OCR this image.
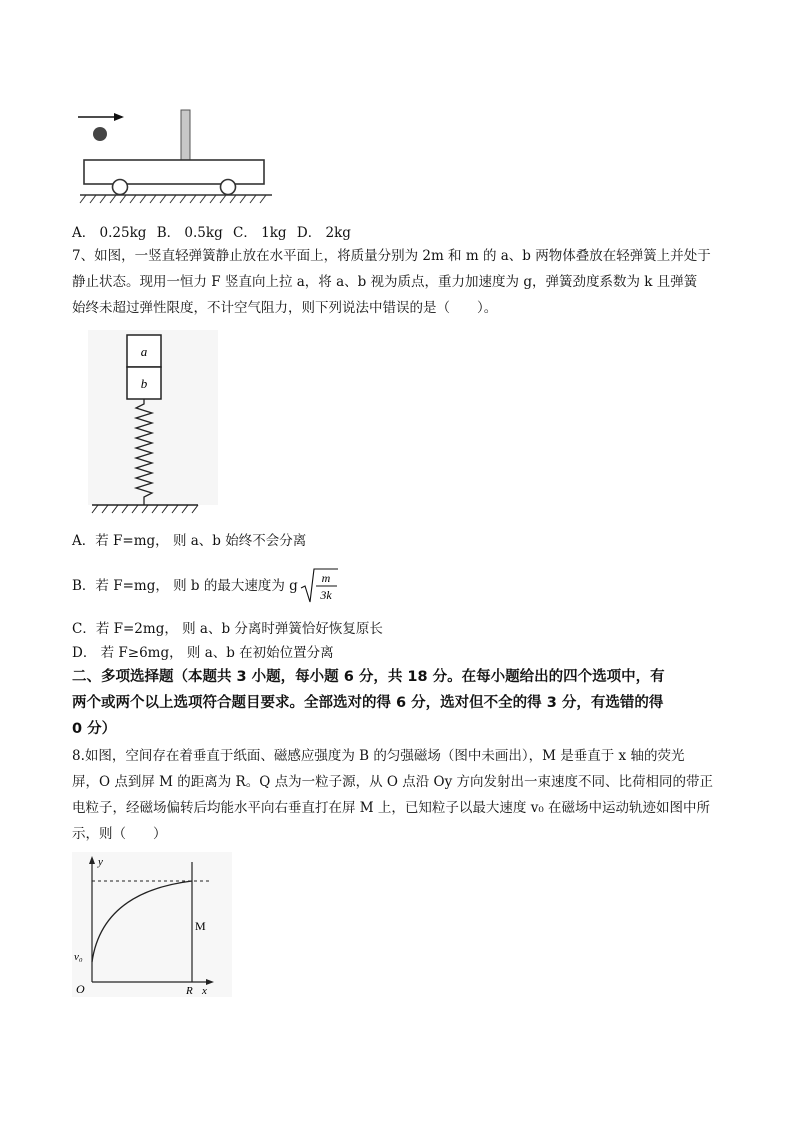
A． 0.25kg B． 0.5kg C． 1kg D． 2kg
7、如图，一竖直轻弹簧静止放在水平面上，将质量分别为 2m 和 m 的 a、b 两物体叠放在轻弹簧上并处于
静止状态。现用一恒力 F 竖直向上拉 a，将 a、b 视为质点，重力加速度为 g，弹簧劲度系数为 k 且弹簧
始终未超过弹性限度，不计空气阻力，则下列说法中错误的是（　　）。
a
b
A．若 F=mg， 则 a、b 始终不会分离
B．若 F=mg， 则 b 的最大速度为 g m
3k
C．若 F=2mg， 则 a、b 分离时弹簧恰好恢复原长
D． 若 F≥6mg， 则 a、b 在初始位置分离
二、多项选择题（本题共 3 小题，每小题 6 分，共 18 分。在每小题给出的四个选项中，有
两个或两个以上选项符合题目要求。全部选对的得 6 分，选对但不全的得 3 分，有选错的得
0 分）
8.如图，空间存在着垂直于纸面、磁感应强度为 B 的匀强磁场（图中未画出），M 是垂直于 x 轴的荧光
屏，O 点到屏 M 的距离为 R。Q 点为一粒子源，从 O 点沿 Oy 方向发射出一束速度不同、比荷相同的带正
电粒子，经磁场偏转后均能水平向右垂直打在屏 M 上，已知粒子以最大速度 v₀ 在磁场中运动轨迹如图中所
示，则（　　）
y
x
M
O	R
v₀
